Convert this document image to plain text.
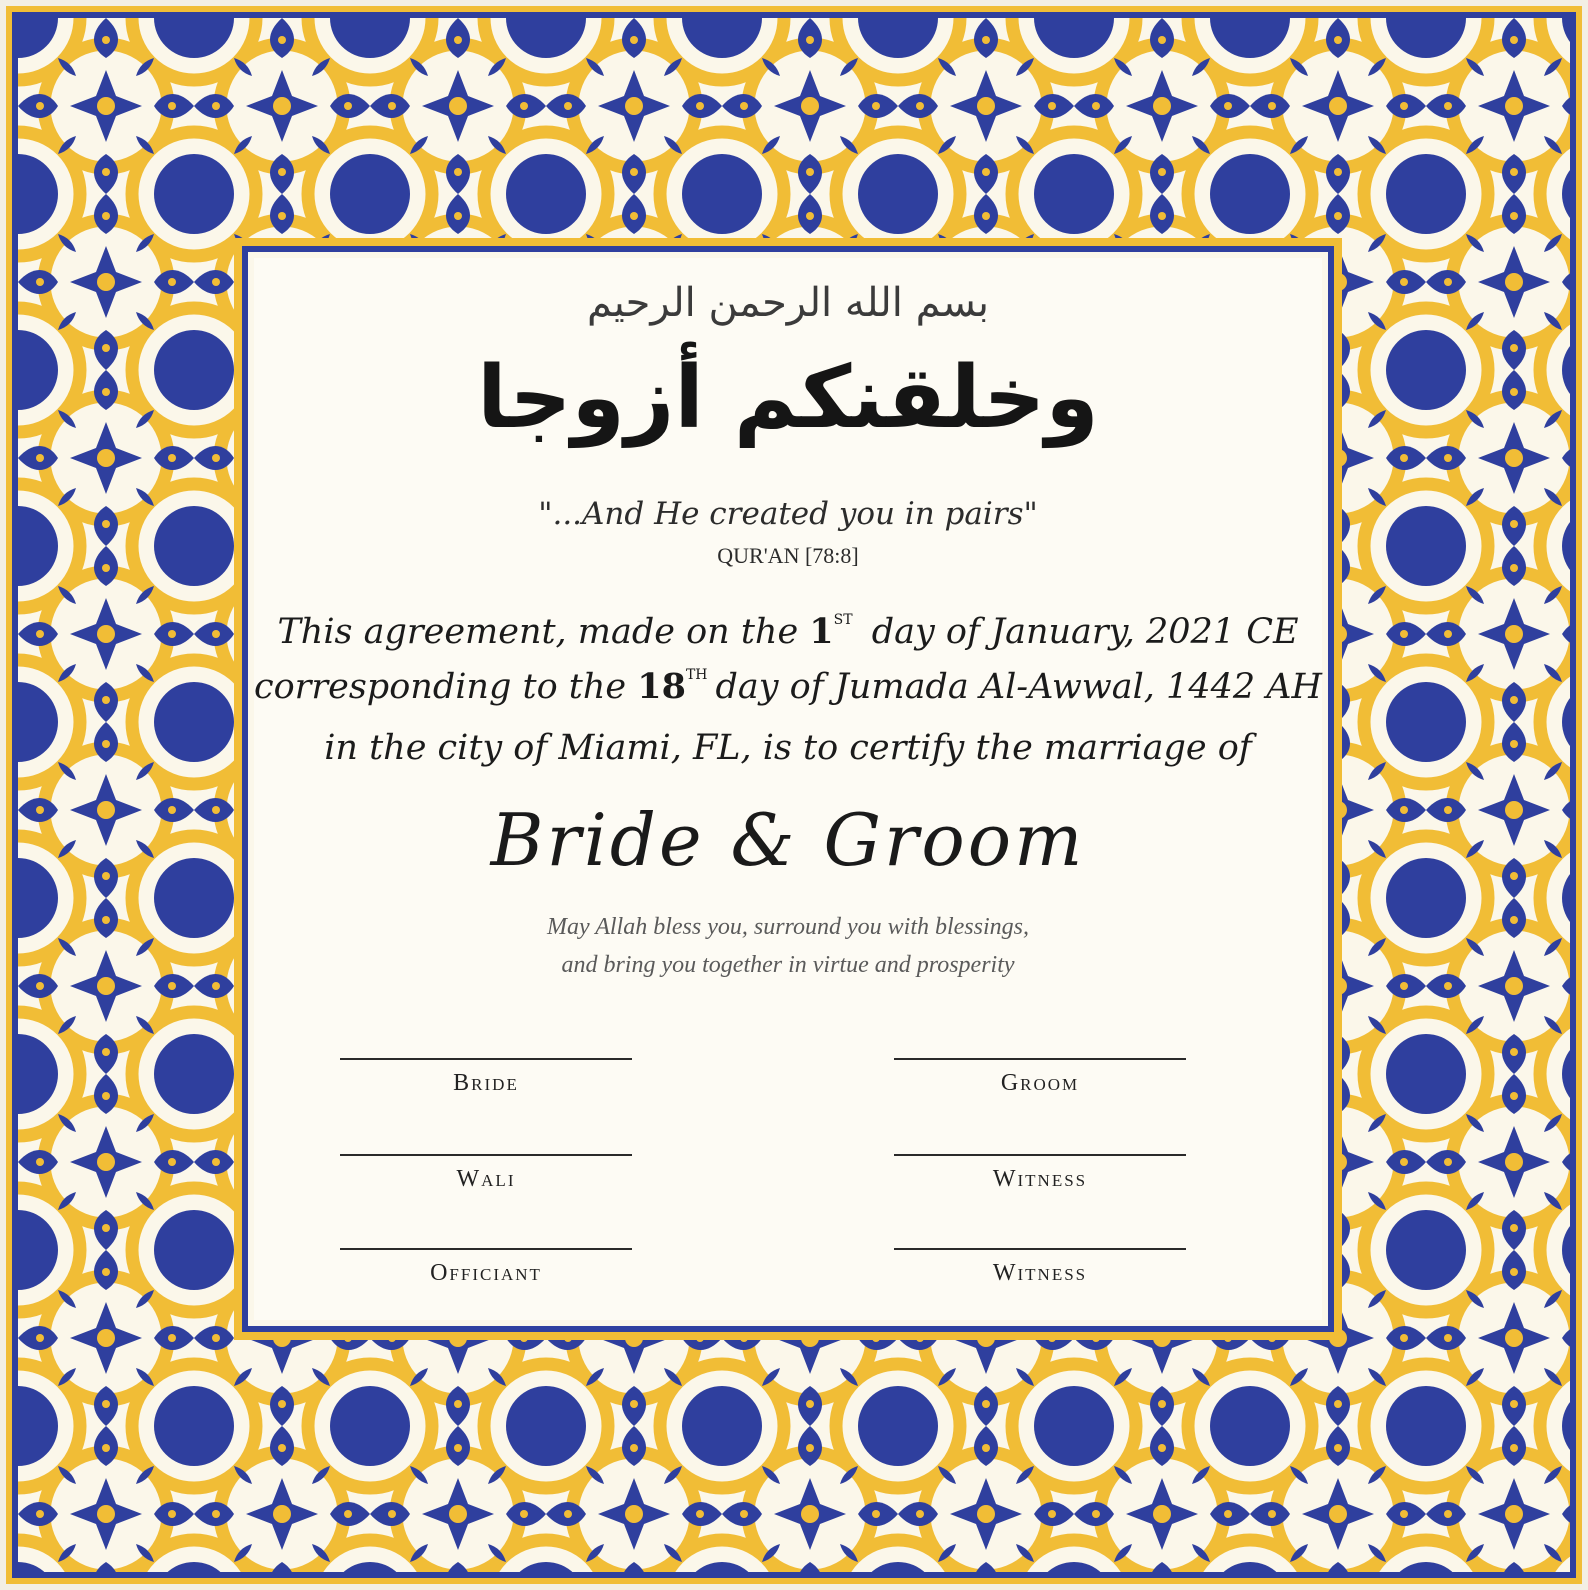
بسم الله الرحمن الرحيم
وخلقنكم أزوجا
"...And He created you in pairs"
QUR'AN [78:8]
This agreement, made on the 1ST day of January, 2021 CE
corresponding to the 18TH day of Jumada Al-Awwal, 1442 AH
in the city of Miami, FL, is to certify the marriage of
Bride & Groom
May Allah bless you, surround you with blessings,
and bring you together in virtue and prosperity
Bride	Groom
Wali	Witness
Officiant	Witness
